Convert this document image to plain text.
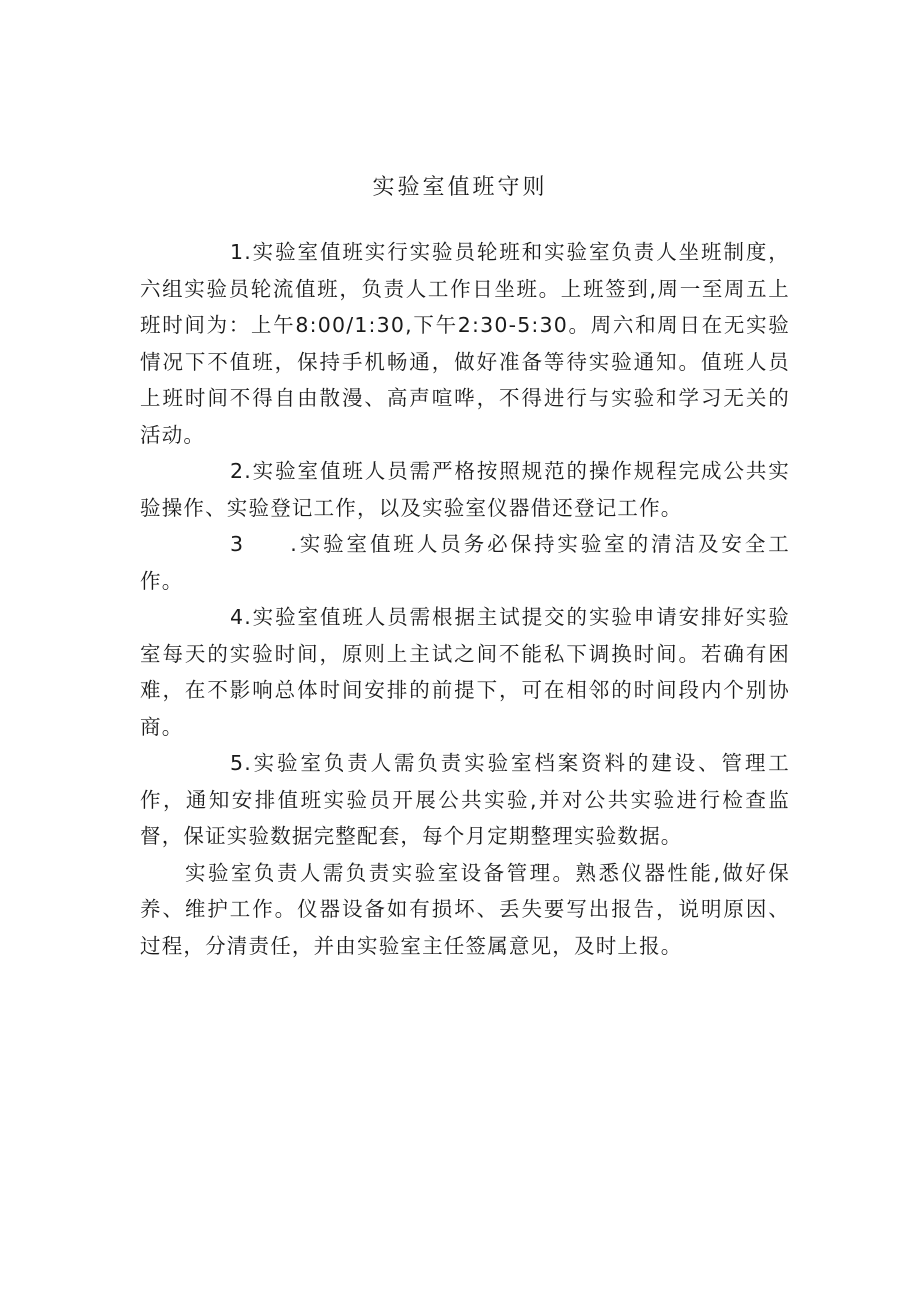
实验室值班守则

1.实验室值班实行实验员轮班和实验室负责人坐班制度，六组实验员轮流值班，负责人工作日坐班。上班签到,周一至周五上班时间为：上午8:00/1:30,下午2:30-5:30。周六和周日在无实验情况下不值班，保持手机畅通，做好准备等待实验通知。值班人员上班时间不得自由散漫、高声喧哗，不得进行与实验和学习无关的活动。

2.实验室值班人员需严格按照规范的操作规程完成公共实验操作、实验登记工作，以及实验室仪器借还登记工作。

3 .实验室值班人员务必保持实验室的清洁及安全工作。

4.实验室值班人员需根据主试提交的实验申请安排好实验室每天的实验时间，原则上主试之间不能私下调换时间。若确有困难，在不影响总体时间安排的前提下，可在相邻的时间段内个别协商。

5.实验室负责人需负责实验室档案资料的建设、管理工作，通知安排值班实验员开展公共实验,并对公共实验进行检查监督，保证实验数据完整配套，每个月定期整理实验数据。

实验室负责人需负责实验室设备管理。熟悉仪器性能,做好保养、维护工作。仪器设备如有损坏、丢失要写出报告，说明原因、过程，分清责任，并由实验室主任签属意见，及时上报。
